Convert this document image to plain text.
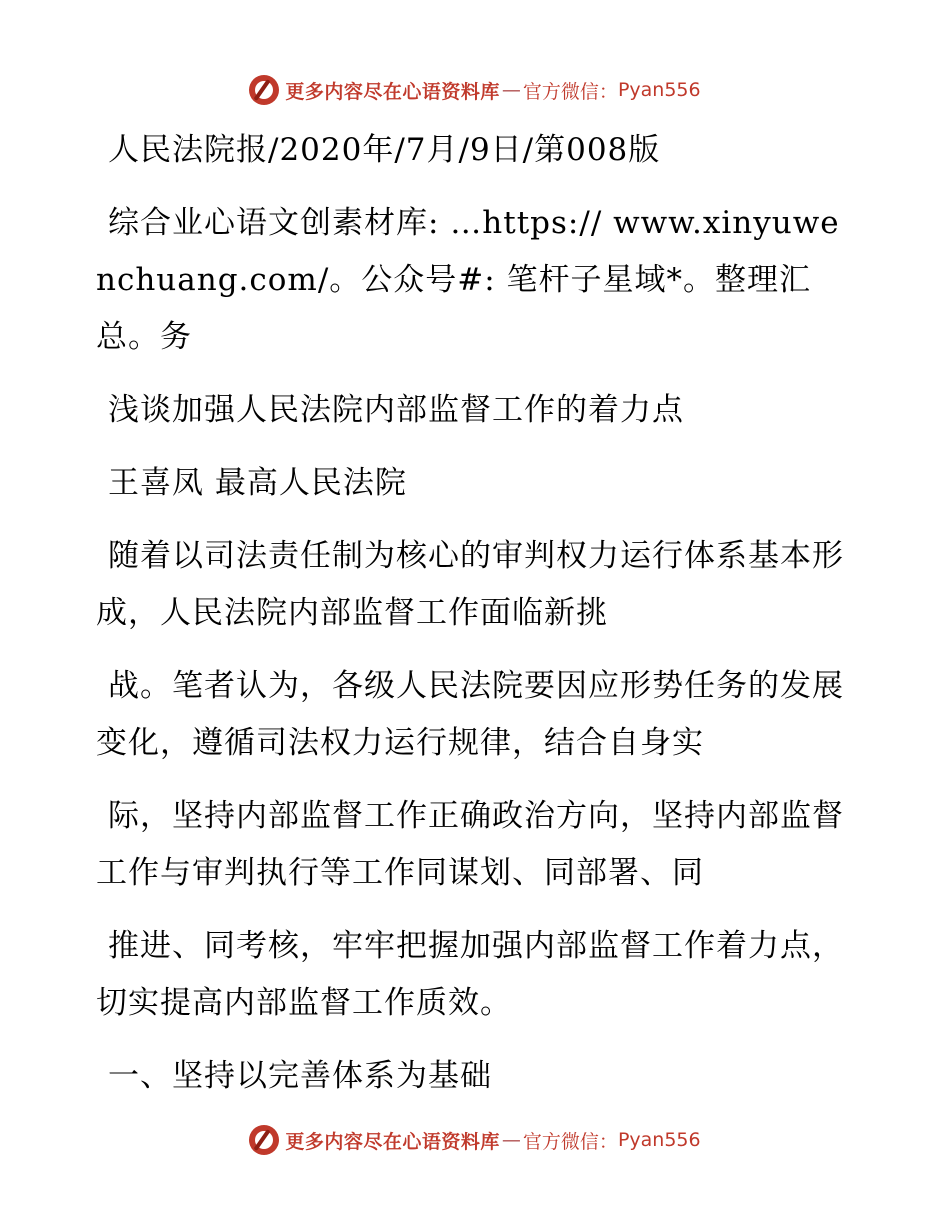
更多内容尽在心语资料库 — 官方微信： Pyan556

人民法院报/2020年/7月/9日/第008版

综合业心语文创素材库: …https:// www.xinyuwenchuang.com/。公众号#: 笔杆子星域*。整理汇总。务

浅谈加强人民法院内部监督工作的着力点

王喜凤 最高人民法院

随着以司法责任制为核心的审判权力运行体系基本形成，人民法院内部监督工作面临新挑

战。笔者认为，各级人民法院要因应形势任务的发展变化，遵循司法权力运行规律，结合自身实

际，坚持内部监督工作正确政治方向，坚持内部监督工作与审判执行等工作同谋划、同部署、同

推进、同考核，牢牢把握加强内部监督工作着力点，切实提高内部监督工作质效。

一、坚持以完善体系为基础

更多内容尽在心语资料库 — 官方微信： Pyan556
